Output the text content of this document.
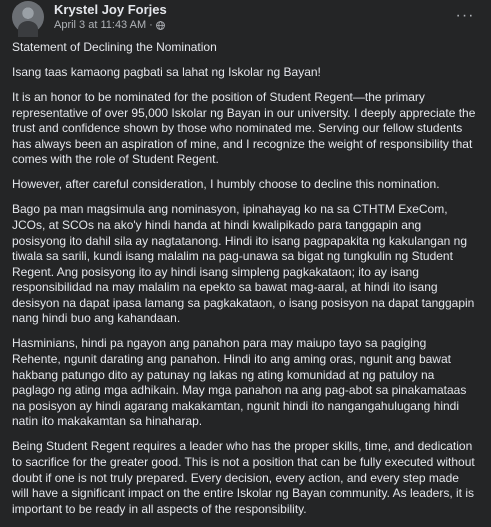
Krystel Joy Forjes
April 3 at 11:43 AM ·
···

Statement of Declining the Nomination

Isang taas kamaong pagbati sa lahat ng Iskolar ng Bayan!

It is an honor to be nominated for the position of Student Regent—the primary representative of over 95,000 Iskolar ng Bayan in our university. I deeply appreciate the trust and confidence shown by those who nominated me. Serving our fellow students has always been an aspiration of mine, and I recognize the weight of responsibility that comes with the role of Student Regent.

However, after careful consideration, I humbly choose to decline this nomination.

Bago pa man magsimula ang nominasyon, ipinahayag ko na sa CTHTM ExeCom, JCOs, at SCOs na ako'y hindi handa at hindi kwalipikado para tanggapin ang posisyong ito dahil sila ay nagtatanong. Hindi ito isang pagpapakita ng kakulangan ng tiwala sa sarili, kundi isang malalim na pag-unawa sa bigat ng tungkulin ng Student Regent. Ang posisyong ito ay hindi isang simpleng pagkakataon; ito ay isang responsibilidad na may malalim na epekto sa bawat mag-aaral, at hindi ito isang desisyon na dapat ipasa lamang sa pagkakataon, o isang posisyon na dapat tanggapin nang hindi buo ang kahandaan.

Hasminians, hindi pa ngayon ang panahon para may maiupo tayo sa pagiging Rehente, ngunit darating ang panahon. Hindi ito ang aming oras, ngunit ang bawat hakbang patungo dito ay patunay ng lakas ng ating komunidad at ng patuloy na paglago ng ating mga adhikain. May mga panahon na ang pag-abot sa pinakamataas na posisyon ay hindi agarang makakamtan, ngunit hindi ito nangangahulugang hindi natin ito makakamtan sa hinaharap.

Being Student Regent requires a leader who has the proper skills, time, and dedication to sacrifice for the greater good. This is not a position that can be fully executed without doubt if one is not truly prepared. Every decision, every action, and every step made will have a significant impact on the entire Iskolar ng Bayan community. As leaders, it is important to be ready in all aspects of the responsibility.
